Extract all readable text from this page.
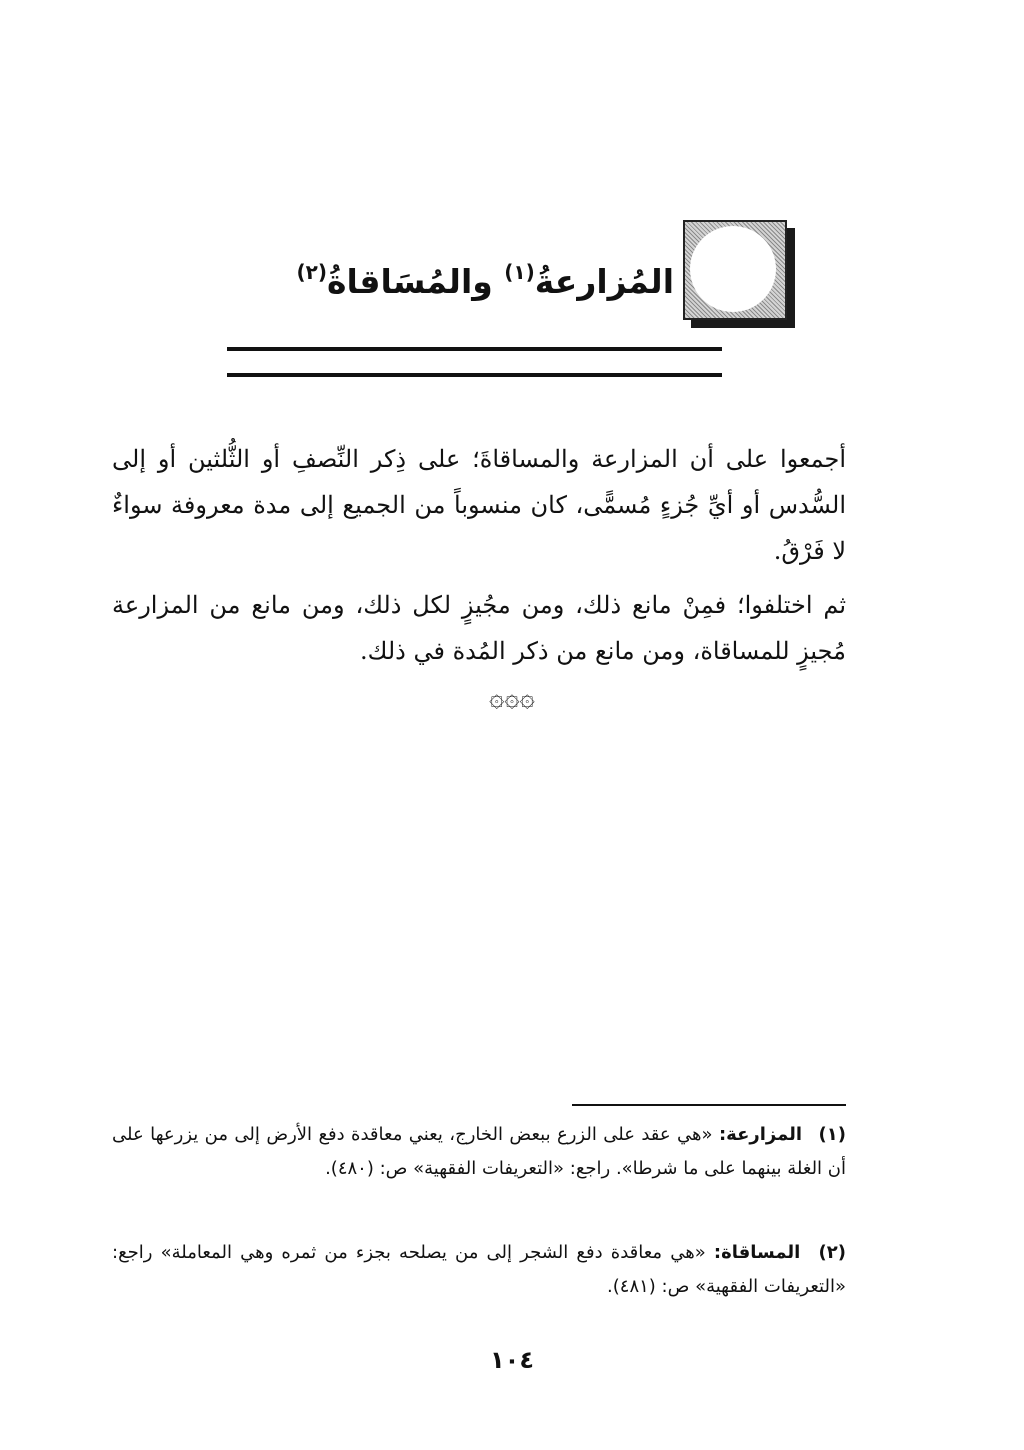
المُزارعةُ$^{(١)}$ والمُسَاقاةُ$^{(٢)}$

أجمعوا على أن المزارعة والمساقاةَ؛ على ذِكر النِّصفِ أو الثُّلثين أو إلى السُّدس أو أيِّ جُزءٍ مُسمًّى، كان منسوباً من الجميع إلى مدة معروفة سواءٌ لا فَرْقُ.

ثم اختلفوا؛ فمِنْ مانع ذلك، ومن مجُيزٍ لكل ذلك، ومن مانع من المزارعة مُجيزٍ للمساقاة، ومن مانع من ذكر المُدة في ذلك.

۞۞۞

(١) المزارعة: «هي عقد على الزرع ببعض الخارج، يعني معاقدة دفع الأرض إلى من يزرعها على أن الغلة بينهما على ما شرطا». راجع: «التعريفات الفقهية» ص: (٤٨٠).

(٢) المساقاة: «هي معاقدة دفع الشجر إلى من يصلحه بجزء من ثمره وهي المعاملة» راجع: «التعريفات الفقهية» ص: (٤٨١).

١٠٤
